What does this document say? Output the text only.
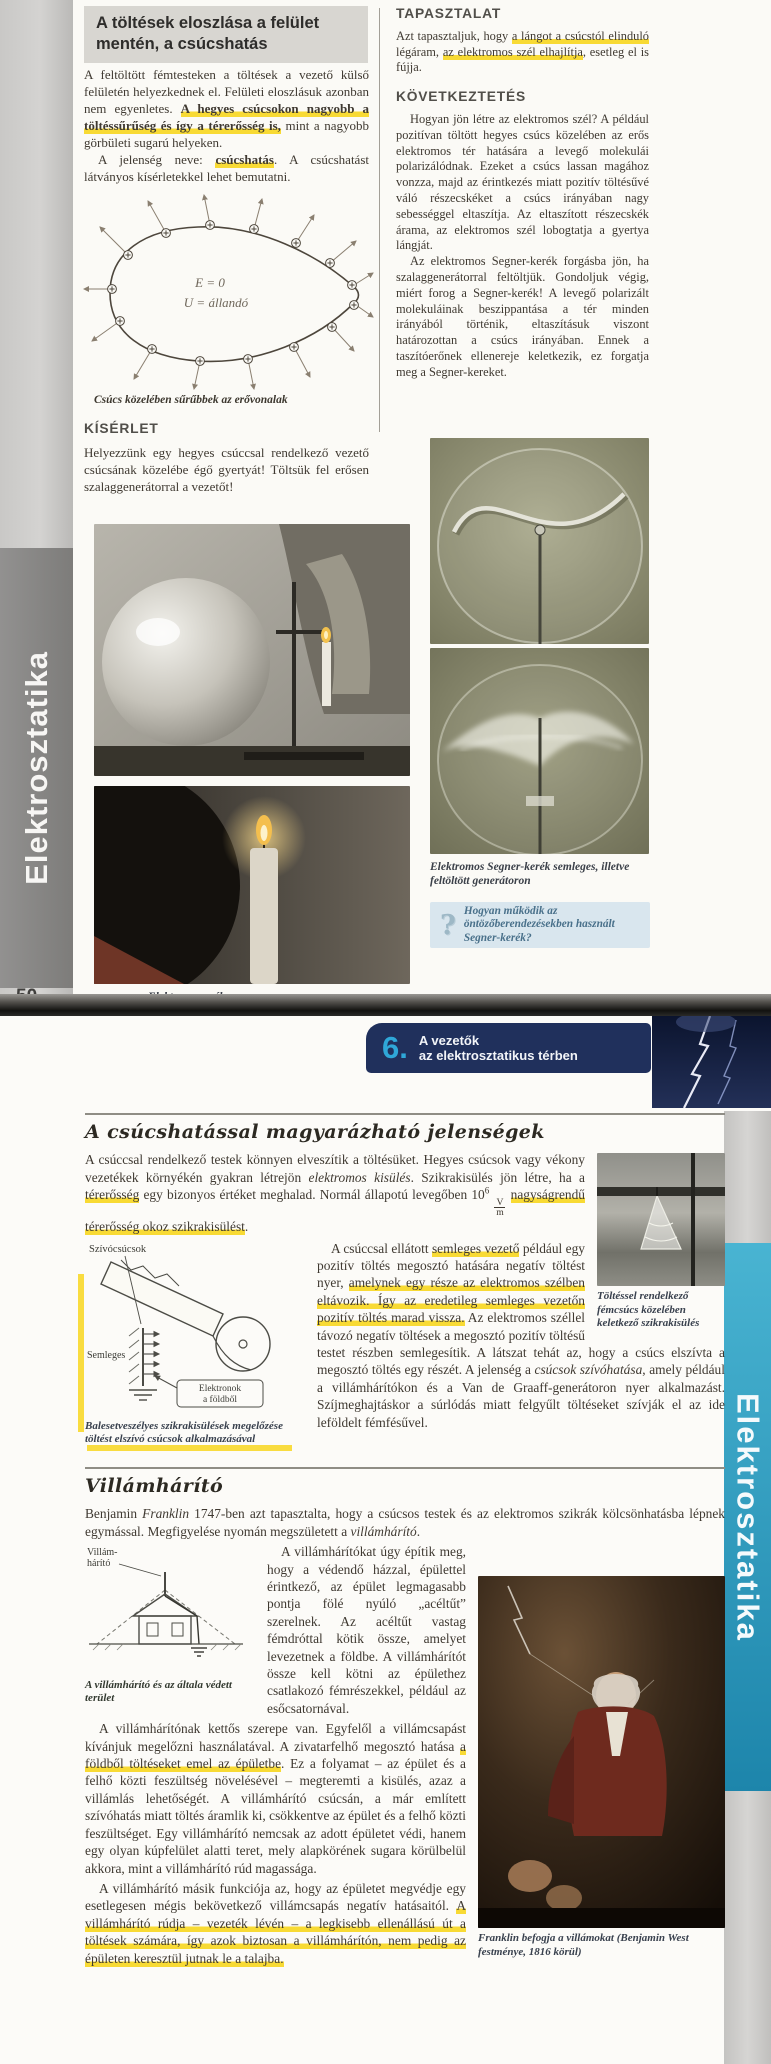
Elektrosztatika
A töltések eloszlása a felület mentén, a csúcshatás
A feltöltött fémtesteken a töltések a vezető külső felületén helyezkednek el. Felületi eloszlásuk azonban nem egyenletes. A hegyes csúcsokon nagyobb a töltéssűrűség és így a térerősség is, mint a nagyobb görbületi sugarú helyeken.
A jelenség neve: csúcshatás. A csúcshatást látványos kísérletekkel lehet bemutatni.
E = 0
U = állandó
Csúcs közelében sűrűbbek az erővonalak
KÍSÉRLET
Helyezzünk egy hegyes csúccsal rendelkező vezető csúcsának közelébe égő gyertyát! Töltsük fel erősen szalaggenerátorral a vezetőt!
TAPASZTALAT
Azt tapasztaljuk, hogy a lángot a csúcstól elinduló légáram, az elektromos szél elhajlítja, esetleg el is fújja.
KÖVETKEZTETÉS
Hogyan jön létre az elektromos szél? A például pozitívan töltött hegyes csúcs közelében az erős elektromos tér hatására a levegő molekulái polarizálódnak. Ezeket a csúcs lassan magához vonzza, majd az érintkezés miatt pozitív töltésűvé váló részecskéket a csúcs irányában nagy sebességgel eltaszítja. Az eltaszított részecskék árama, az elektromos szél lobogtatja a gyertya lángját.
Az elektromos Segner-kerék forgásba jön, ha szalaggenerátorral feltöltjük. Gondoljuk végig, miért forog a Segner-kerék! A levegő polarizált molekuláinak beszippantása a tér minden irányából történik, eltaszításuk viszont határozottan a csúcs irányában. Ennek a taszítóerőnek ellenereje keletkezik, ez forgatja meg a Segner-kereket.
Elektromos Segner-kerék semleges, illetve feltöltött generátoron
? Hogyan működik az öntözőberendezésekben használt Segner-kerék?
6. A vezetők
az elektrosztatikus térben
Elektrosztatika
A csúcshatással magyarázható jelenségek
Töltéssel rendelkező fémcsúcs közelében keletkező szikrakisülés

A csúccsal rendelkező testek könnyen elveszítik a töltésüket. Hegyes csúcsok vagy vékony vezetékek környékén gyakran létrejön elektromos kisülés. Szikrakisülés jön létre, ha a térerősség egy bizonyos értéket meghalad. Normál állapotú levegőben $10^6$
$\frac{V}{m}$
nagyságrendű térerősség okoz szikrakisülést.

Szívócsúcsok
Semleges
Elektronok
a földből
Balesetveszélyes szikrakisülések megelőzése töltést elszívó csúcsok alkalmazásával

A csúccsal ellátott semleges vezető például egy pozitív töltés megosztó hatására negatív töltést nyer, amelynek egy része az elektromos szélben eltávozik. Így az eredetileg semleges vezetőn pozitív töltés marad vissza. Az elektromos széllel távozó negatív töltések a megosztó pozitív töltésű testet részben semlegesítik. A látszat tehát az, hogy a csúcs elszívta a megosztó töltés egy részét. A jelenség a csúcsok szívóhatása, amely például a villámhárítókon és a Van de Graaff-generátoron nyer alkalmazást. Szíjmeghajtáskor a súrlódás miatt felgyűlt töltéseket szívják el az ide leföldelt fémfésűvel.

Villámhárító

Benjamin Franklin 1747-ben azt tapasztalta, hogy a csúcsos testek és az elektromos szikrák kölcsönhatásba lépnek egymással. Megfigyelése nyomán megszületett a villámhárító.

Franklin befogja a villámokat (Benjamin West festménye, 1816 körül)
Villám-
hárító
A villámhárító és az általa védett terület

A villámhárítókat úgy építik meg, hogy a védendő házzal, épülettel érintkező, az épület legmagasabb pontja fölé nyúló „acéltűt” szerelnek. Az acéltűt vastag fémdróttal kötik össze, amelyet levezetnek a földbe. A villámhárítót össze kell kötni az épülethez csatlakozó fémrészekkel, például az esőcsatornával.

A villámhárítónak kettős szerepe van. Egyfelől a villámcsapást kívánjuk megelőzni használatával. A zivatarfelhő megosztó hatása a földből töltéseket emel az épületbe. Ez a folyamat – az épület és a felhő közti feszültség növelésével – megteremti a kisülés, azaz a villámlás lehetőségét. A villámhárító csúcsán, a már említett szívóhatás miatt töltés áramlik ki, csökkentve az épület és a felhő közti feszültséget. Egy villámhárító nemcsak az adott épületet védi, hanem egy olyan kúpfelület alatti teret, mely alapkörének sugara körülbelül akkora, mint a villámhárító rúd magassága.

A villámhárító másik funkciója az, hogy az épületet megvédje egy esetlegesen mégis bekövetkező villámcsapás negatív hatásaitól. A villámhárító rúdja – vezeték lévén – a legkisebb ellenállású út a töltések számára, így azok biztosan a villámhárítón, nem pedig az épületen keresztül jutnak le a talajba.
